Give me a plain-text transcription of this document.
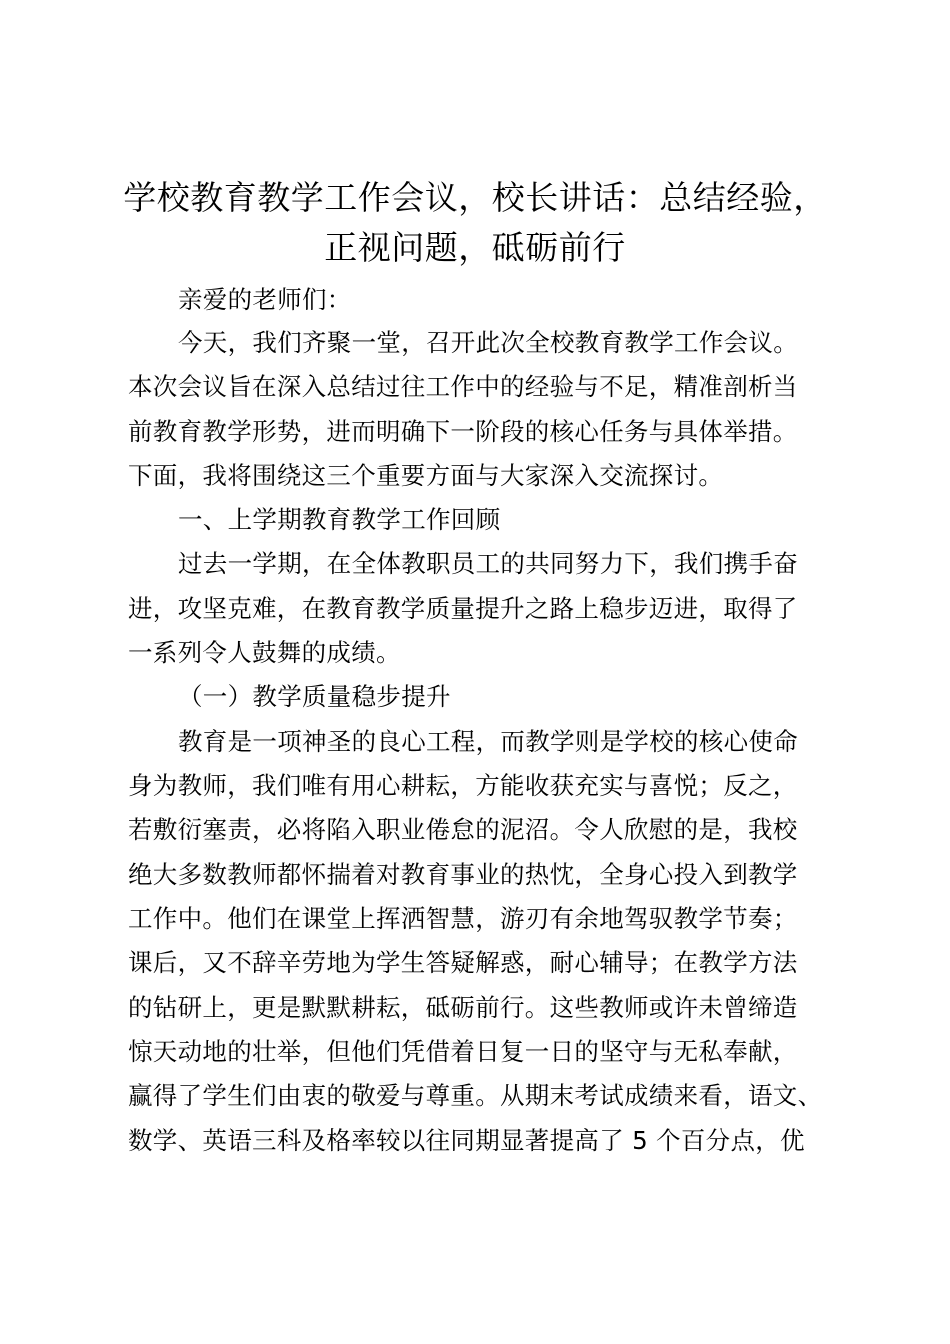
学校教育教学工作会议，校长讲话：总结经验，
正视问题，砥砺前行
亲爱的老师们：
今天，我们齐聚一堂，召开此次全校教育教学工作会议。
本次会议旨在深入总结过往工作中的经验与不足，精准剖析当
前教育教学形势，进而明确下一阶段的核心任务与具体举措。
下面，我将围绕这三个重要方面与大家深入交流探讨。
一、上学期教育教学工作回顾
过去一学期，在全体教职员工的共同努力下，我们携手奋
进，攻坚克难，在教育教学质量提升之路上稳步迈进，取得了
一系列令人鼓舞的成绩。
（一）教学质量稳步提升
教育是一项神圣的良心工程，而教学则是学校的核心使命
身为教师，我们唯有用心耕耘，方能收获充实与喜悦；反之，
若敷衍塞责，必将陷入职业倦怠的泥沼。令人欣慰的是，我校
绝大多数教师都怀揣着对教育事业的热忱，全身心投入到教学
工作中。他们在课堂上挥洒智慧，游刃有余地驾驭教学节奏；
课后，又不辞辛劳地为学生答疑解惑，耐心辅导；在教学方法
的钻研上，更是默默耕耘，砥砺前行。这些教师或许未曾缔造
惊天动地的壮举，但他们凭借着日复一日的坚守与无私奉献，
赢得了学生们由衷的敬爱与尊重。从期末考试成绩来看，语文、
数学、英语三科及格率较以往同期显著提高了 5 个百分点，优
